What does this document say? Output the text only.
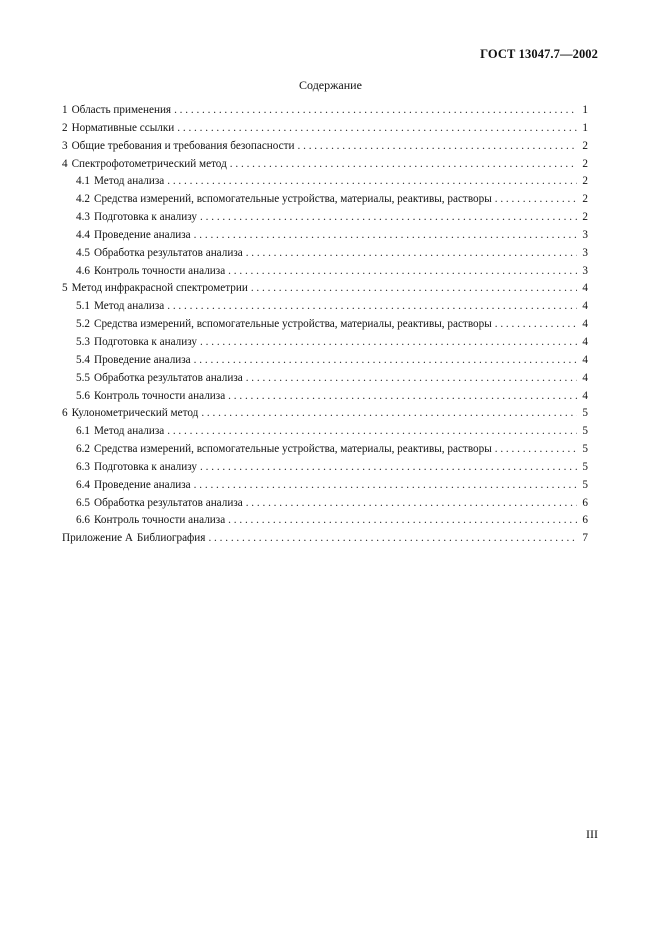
ГОСТ 13047.7—2002
Содержание
1 Область применения . . .	1
2 Нормативные ссылки . . .	1
3 Общие требования и требования безопасности . . .	2
4 Спектрофотометрический метод . . .	2
4.1 Метод анализа . . .	2
4.2 Средства измерений, вспомогательные устройства, материалы, реактивы, растворы . . .	2
4.3 Подготовка к анализу . . .	2
4.4 Проведение анализа . . .	3
4.5 Обработка результатов анализа . . .	3
4.6 Контроль точности анализа . . .	3
5 Метод инфракрасной спектрометрии . . .	4
5.1 Метод анализа . . .	4
5.2 Средства измерений, вспомогательные устройства, материалы, реактивы, растворы . . .	4
5.3 Подготовка к анализу . . .	4
5.4 Проведение анализа . . .	4
5.5 Обработка результатов анализа . . .	4
5.6 Контроль точности анализа . . .	4
6 Кулонометрический метод . . .	5
6.1 Метод анализа . . .	5
6.2 Средства измерений, вспомогательные устройства, материалы, реактивы, растворы . . .	5
6.3 Подготовка к анализу . . .	5
6.4 Проведение анализа . . .	5
6.5 Обработка результатов анализа . . .	6
6.6 Контроль точности анализа . . .	6
Приложение А Библиография . . .	7
III
